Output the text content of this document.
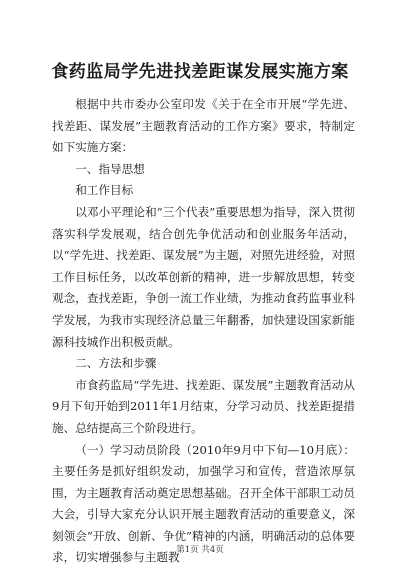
食药监局学先进找差距谋发展实施方案

根据中共市委办公室印发《关于在全市开展“学先进、找差距、谋发展”主题教育活动的工作方案》要求，特制定如下实施方案：

一、指导思想

和工作目标

以邓小平理论和“三个代表”重要思想为指导，深入贯彻落实科学发展观，结合创先争优活动和创业服务年活动，以“学先进、找差距、谋发展”为主题，对照先进经验，对照工作目标任务，以改革创新的精神，进一步解放思想，转变观念，查找差距，争创一流工作业绩，为推动食药监事业科学发展，为我市实现经济总量三年翻番，加快建设国家新能源科技城作出积极贡献。

二、方法和步骤

市食药监局“学先进、找差距、谋发展”主题教育活动从9月下旬开始到2011年1月结束，分学习动员、找差距提措施、总结提高三个阶段进行。

（一）学习动员阶段（2010年9月中下旬—10月底）：主要任务是抓好组织发动，加强学习和宣传，营造浓厚氛围，为主题教育活动奠定思想基础。召开全体干部职工动员大会，引导大家充分认识开展主题教育活动的重要意义，深刻领会“开放、创新、争优”精神的内涵，明确活动的总体要求，切实增强参与主题教

第1页 共4页
